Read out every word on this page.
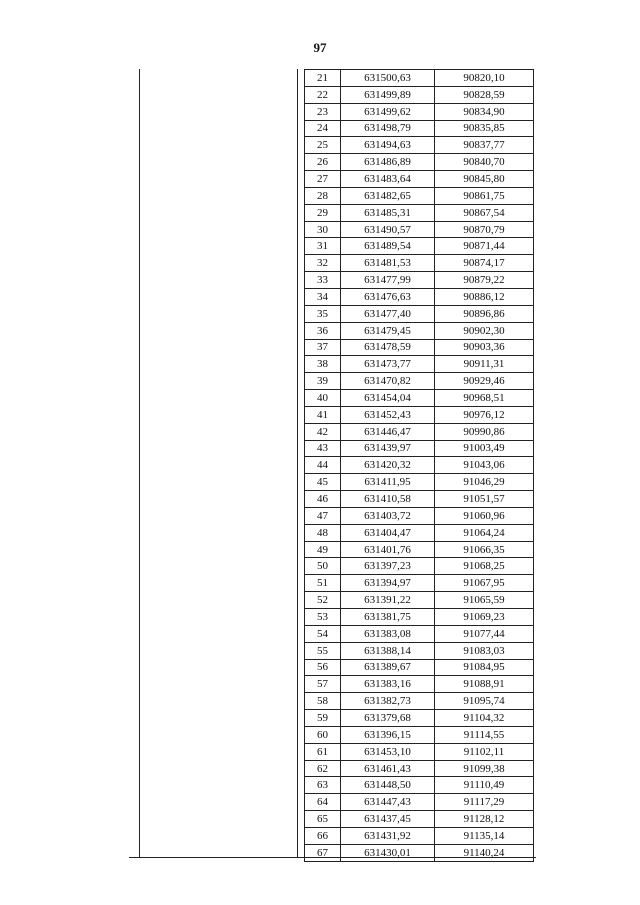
97
21	631500,63	90820,10
22	631499,89	90828,59
23	631499,62	90834,90
24	631498,79	90835,85
25	631494,63	90837,77
26	631486,89	90840,70
27	631483,64	90845,80
28	631482,65	90861,75
29	631485,31	90867,54
30	631490,57	90870,79
31	631489,54	90871,44
32	631481,53	90874,17
33	631477,99	90879,22
34	631476,63	90886,12
35	631477,40	90896,86
36	631479,45	90902,30
37	631478,59	90903,36
38	631473,77	90911,31
39	631470,82	90929,46
40	631454,04	90968,51
41	631452,43	90976,12
42	631446,47	90990,86
43	631439,97	91003,49
44	631420,32	91043,06
45	631411,95	91046,29
46	631410,58	91051,57
47	631403,72	91060,96
48	631404,47	91064,24
49	631401,76	91066,35
50	631397,23	91068,25
51	631394,97	91067,95
52	631391,22	91065,59
53	631381,75	91069,23
54	631383,08	91077,44
55	631388,14	91083,03
56	631389,67	91084,95
57	631383,16	91088,91
58	631382,73	91095,74
59	631379,68	91104,32
60	631396,15	91114,55
61	631453,10	91102,11
62	631461,43	91099,38
63	631448,50	91110,49
64	631447,43	91117,29
65	631437,45	91128,12
66	631431,92	91135,14
67	631430,01	91140,24
